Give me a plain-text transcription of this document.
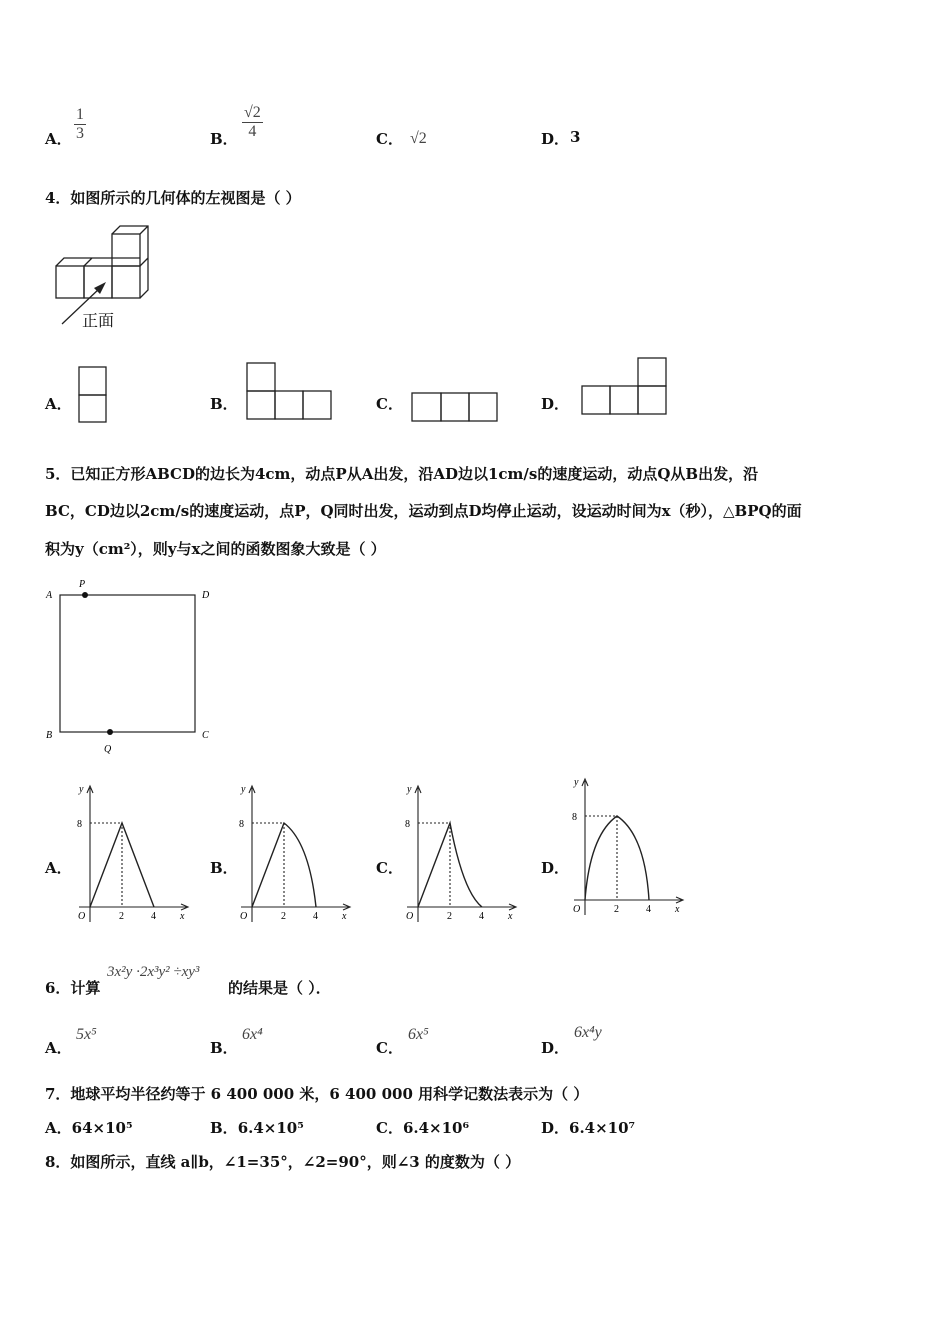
A． $\frac{1}{3}$	B． $\frac{√2}{4}$	C． √2	D． 3
4．如图所示的几何体的左视图是（ ）
正面
A．	B．	C．	D．
5．已知正方形ABCD的边长为4cm，动点P从A出发，沿AD边以1cm/s的速度运动，动点Q从B出发，沿
BC，CD边以2cm/s的速度运动，点P，Q同时出发，运动到点D均停止运动，设运动时间为x（秒），△BPQ的面
积为y（cm²），则y与x之间的函数图象大致是（ ）
A	D
B	C
P
Q
A．
y
8
O	2	4 x
B．
y
8
O	2	4 x
C．
y
8
O	2	4 x
D．
y
8
O	2	4 x
6．计算
3x²y ·2x³y² ÷xy³
的结果是（ ）．
A．
5x⁵
B．
6x⁴
C．
6x⁵
D．
6x⁴y
7．地球平均半径约等于 6 400 000 米，6 400 000 用科学记数法表示为（ ）
A．64×10⁵	B．6.4×10⁵	C．6.4×10⁶	D．6.4×10⁷
8．如图所示，直线 a∥b，∠1=35°，∠2=90°，则∠3 的度数为（ ）
